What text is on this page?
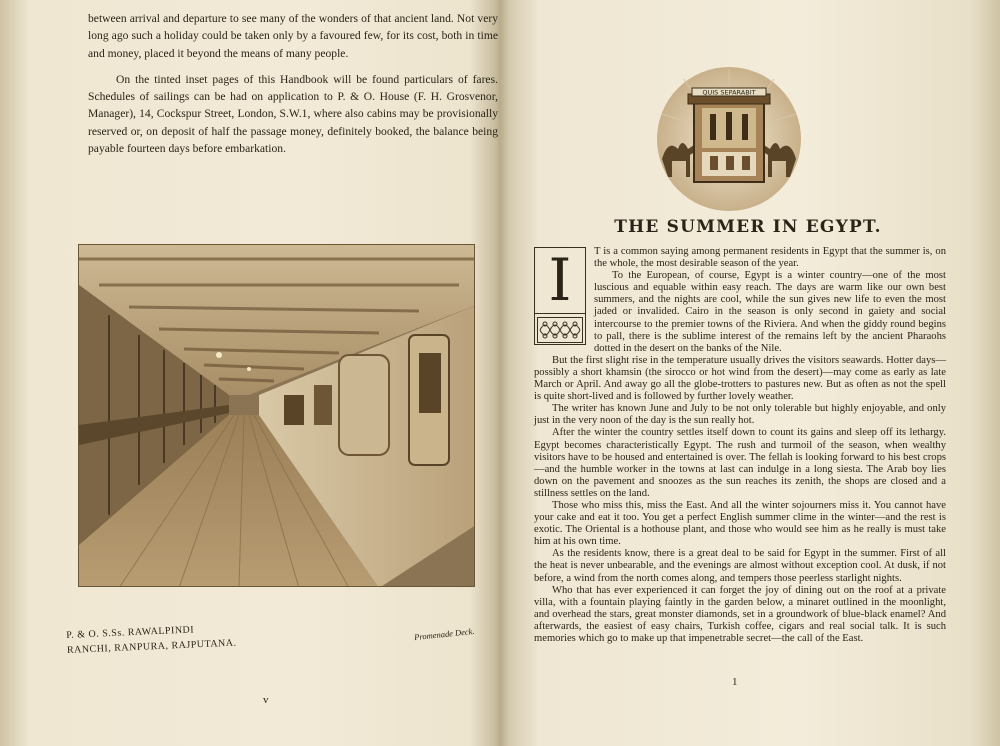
between arrival and departure to see many of the wonders of that ancient land. Not very long ago such a holiday could be taken only by a favoured few, for its cost, both in time and money, placed it beyond the means of many people.

On the tinted inset pages of this Handbook will be found particulars of fares. Schedules of sailings can be had on application to P. & O. House (F. H. Grosvenor, Manager), 14, Cockspur Street, London, S.W.1, where also cabins may be provisionally reserved or, on deposit of half the passage money, definitely booked, the balance being payable fourteen days before embarkation.

P. & O. S.Ss. RAWALPINDI
RANCHI, RANPURA, RAJPUTANA.
Promenade Deck.
v
QUIS SEPARABIT
THE SUMMER IN EGYPT.
I	T is a common saying among permanent residents in Egypt that the summer is, on the whole, the most desirable season of the year.

To the European, of course, Egypt is a winter country—one of the most luscious and equable within easy reach. The days are warm like our own best summers, and the nights are cool, while the sun gives new life to even the most jaded or invalided. Cairo in the season is only second in gaiety and social intercourse to the premier towns of the Riviera. And when the giddy round begins to pall, there is the sublime interest of the remains left by the ancient Pharaohs dotted in the desert on the banks of the Nile.

But the first slight rise in the temperature usually drives the visitors seawards. Hotter days—possibly a short khamsin (the sirocco or hot wind from the desert)—may come as early as late March or April. And away go all the globe-trotters to pastures new. But as often as not the spell is quite short-lived and is followed by further lovely weather.

The writer has known June and July to be not only tolerable but highly enjoyable, and only just in the very noon of the day is the sun really hot.

After the winter the country settles itself down to count its gains and sleep off its lethargy. Egypt becomes characteristically Egypt. The rush and turmoil of the season, when wealthy visitors have to be housed and entertained is over. The fellah is looking forward to his best crops—and the humble worker in the towns at last can indulge in a long siesta. The Arab boy lies down on the pavement and snoozes as the sun reaches its zenith, the shops are closed and a stillness settles on the land.

Those who miss this, miss the East. And all the winter sojourners miss it. You cannot have your cake and eat it too. You get a perfect English summer clime in the winter—and the rest is exotic. The Oriental is a hothouse plant, and those who would see him as he really is must take him at his own time.

As the residents know, there is a great deal to be said for Egypt in the summer. First of all the heat is never unbearable, and the evenings are almost without exception cool. At dusk, if not before, a wind from the north comes along, and tempers those peerless starlight nights.

Who that has ever experienced it can forget the joy of dining out on the roof at a private villa, with a fountain playing faintly in the garden below, a minaret outlined in the moonlight, and overhead the stars, great monster diamonds, set in a groundwork of blue-black enamel? And afterwards, the easiest of easy chairs, Turkish coffee, cigars and real social talk. It is such memories which go to make up that impenetrable secret—the call of the East.

1
